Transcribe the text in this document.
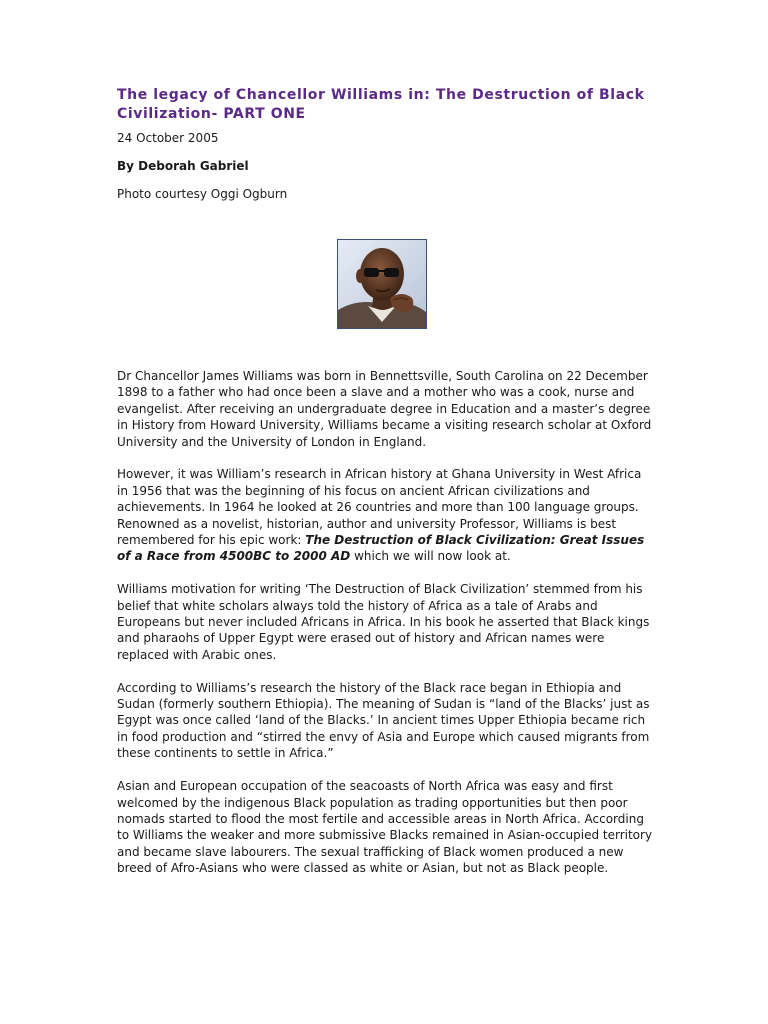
The legacy of Chancellor Williams in: The Destruction of Black Civilization- PART ONE

24 October 2005

By Deborah Gabriel

Photo courtesy Oggi Ogburn

Dr Chancellor James Williams was born in Bennettsville, South Carolina on 22 December 1898 to a father who had once been a slave and a mother who was a cook, nurse and evangelist. After receiving an undergraduate degree in Education and a master’s degree in History from Howard University, Williams became a visiting research scholar at Oxford University and the University of London in England.

However, it was William’s research in African history at Ghana University in West Africa in 1956 that was the beginning of his focus on ancient African civilizations and achievements. In 1964 he looked at 26 countries and more than 100 language groups. Renowned as a novelist, historian, author and university Professor, Williams is best remembered for his epic work: The Destruction of Black Civilization: Great Issues of a Race from 4500BC to 2000 AD which we will now look at.

Williams motivation for writing ‘The Destruction of Black Civilization’ stemmed from his belief that white scholars always told the history of Africa as a tale of Arabs and Europeans but never included Africans in Africa. In his book he asserted that Black kings and pharaohs of Upper Egypt were erased out of history and African names were replaced with Arabic ones.

According to Williams’s research the history of the Black race began in Ethiopia and Sudan (formerly southern Ethiopia). The meaning of Sudan is “land of the Blacks’ just as Egypt was once called ‘land of the Blacks.’ In ancient times Upper Ethiopia became rich in food production and “stirred the envy of Asia and Europe which caused migrants from these continents to settle in Africa.”

Asian and European occupation of the seacoasts of North Africa was easy and first welcomed by the indigenous Black population as trading opportunities but then poor nomads started to flood the most fertile and accessible areas in North Africa. According to Williams the weaker and more submissive Blacks remained in Asian-occupied territory and became slave labourers. The sexual trafficking of Black women produced a new breed of Afro-Asians who were classed as white or Asian, but not as Black people.
